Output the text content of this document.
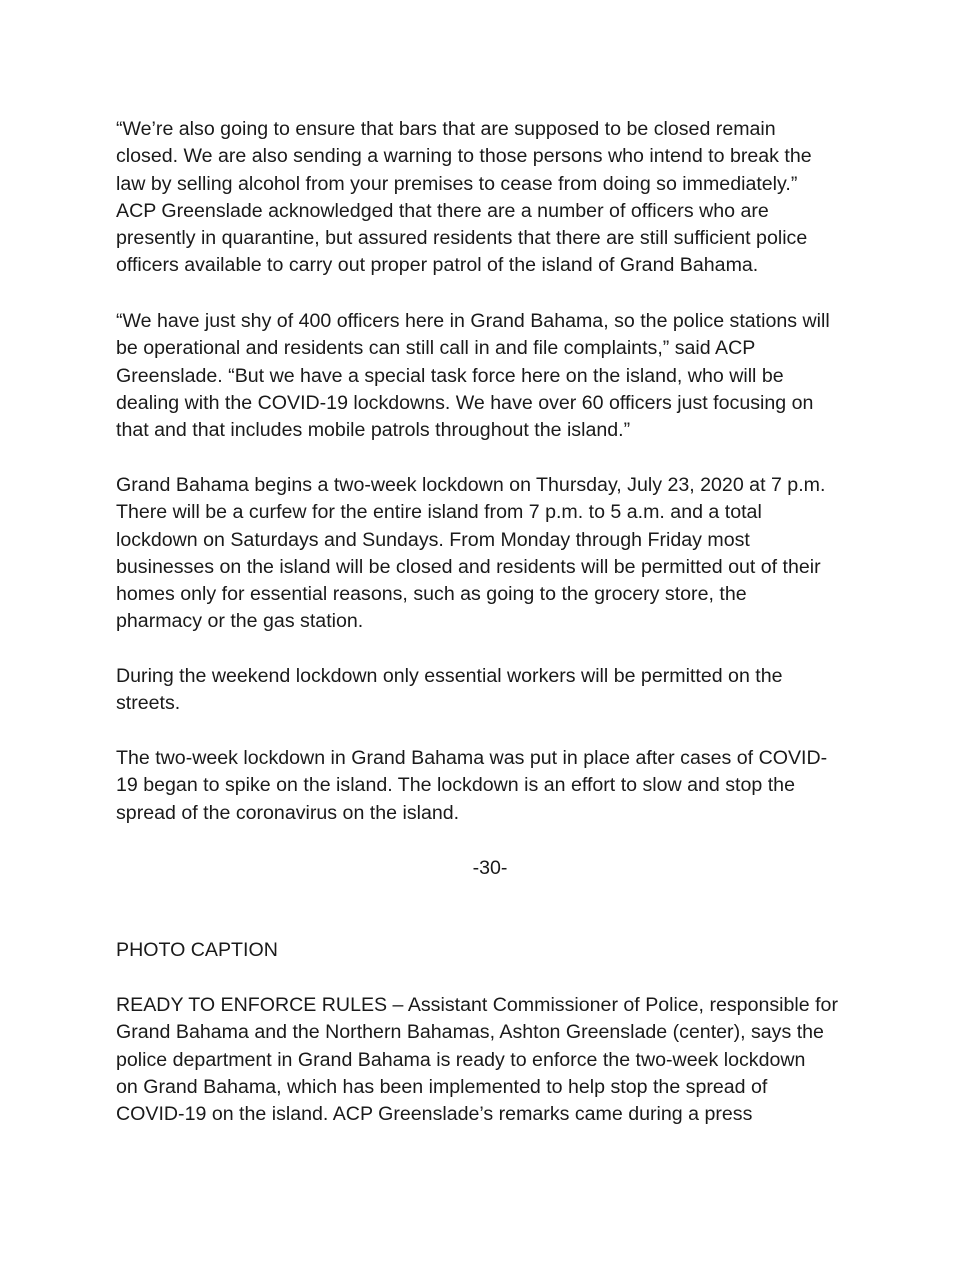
“We’re also going to ensure that bars that are supposed to be closed remain
closed. We are also sending a warning to those persons who intend to break the
law by selling alcohol from your premises to cease from doing so immediately.”
ACP Greenslade acknowledged that there are a number of officers who are
presently in quarantine, but assured residents that there are still sufficient police
officers available to carry out proper patrol of the island of Grand Bahama.
“We have just shy of 400 officers here in Grand Bahama, so the police stations will
be operational and residents can still call in and file complaints,” said ACP
Greenslade. “But we have a special task force here on the island, who will be
dealing with the COVID-19 lockdowns. We have over 60 officers just focusing on
that and that includes mobile patrols throughout the island.”
Grand Bahama begins a two-week lockdown on Thursday, July 23, 2020 at 7 p.m.
There will be a curfew for the entire island from 7 p.m. to 5 a.m. and a total
lockdown on Saturdays and Sundays. From Monday through Friday most
businesses on the island will be closed and residents will be permitted out of their
homes only for essential reasons, such as going to the grocery store, the
pharmacy or the gas station.
During the weekend lockdown only essential workers will be permitted on the
streets.
The two-week lockdown in Grand Bahama was put in place after cases of COVID-
19 began to spike on the island. The lockdown is an effort to slow and stop the
spread of the coronavirus on the island.
-30-
PHOTO CAPTION
READY TO ENFORCE RULES – Assistant Commissioner of Police, responsible for
Grand Bahama and the Northern Bahamas, Ashton Greenslade (center), says the
police department in Grand Bahama is ready to enforce the two-week lockdown
on Grand Bahama, which has been implemented to help stop the spread of
COVID-19 on the island. ACP Greenslade’s remarks came during a press
